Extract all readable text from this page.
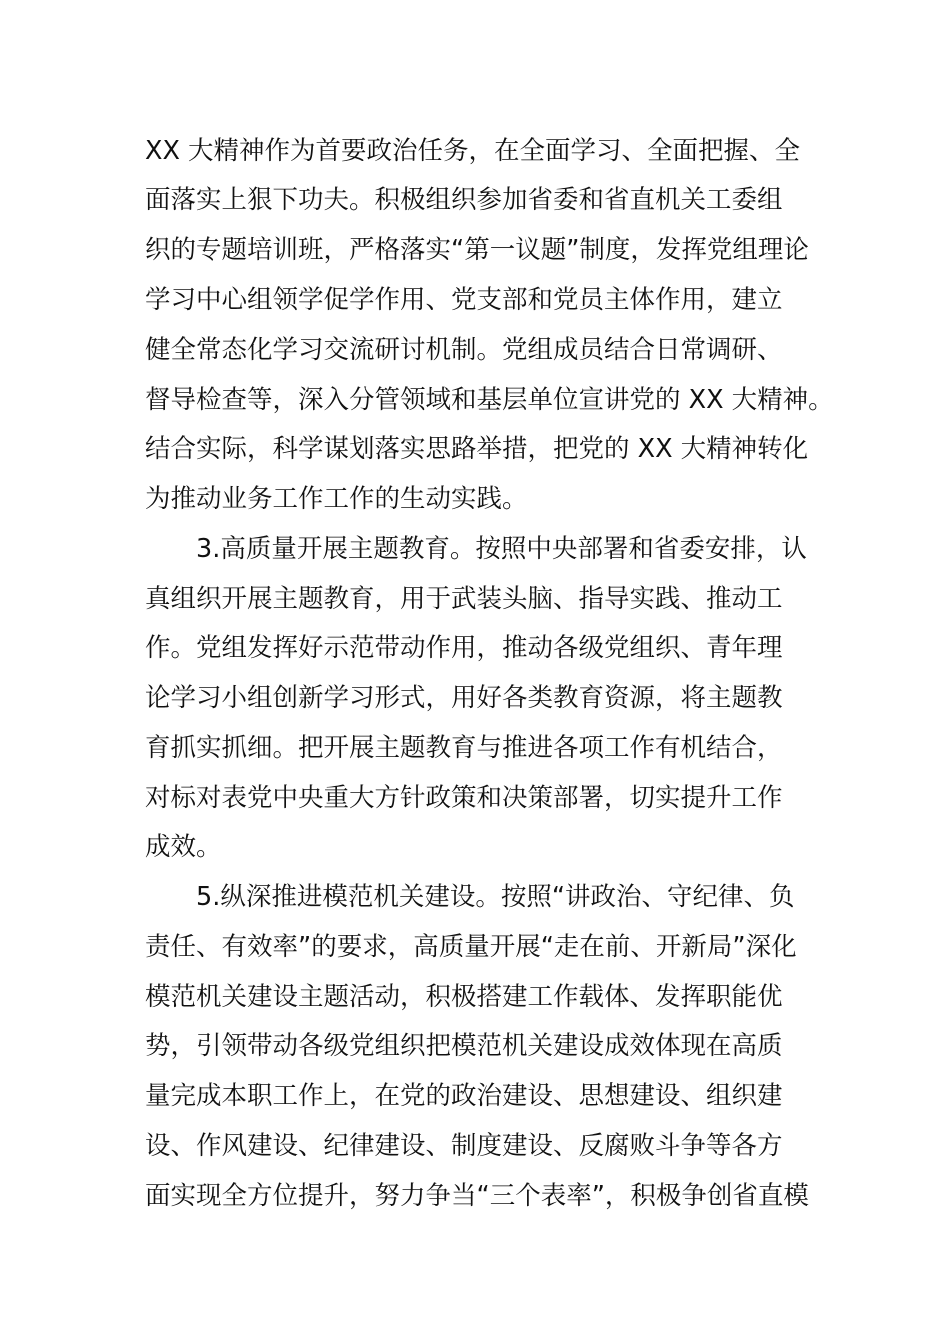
XX 大精神作为首要政治任务，在全面学习、全面把握、全
面落实上狠下功夫。积极组织参加省委和省直机关工委组
织的专题培训班，严格落实“第一议题”制度，发挥党组理论
学习中心组领学促学作用、党支部和党员主体作用，建立
健全常态化学习交流研讨机制。党组成员结合日常调研、
督导检查等，深入分管领域和基层单位宣讲党的 XX 大精神。
结合实际，科学谋划落实思路举措，把党的 XX 大精神转化
为推动业务工作工作的生动实践。
3.高质量开展主题教育。按照中央部署和省委安排，认
真组织开展主题教育，用于武装头脑、指导实践、推动工
作。党组发挥好示范带动作用，推动各级党组织、青年理
论学习小组创新学习形式，用好各类教育资源，将主题教
育抓实抓细。把开展主题教育与推进各项工作有机结合，
对标对表党中央重大方针政策和决策部署，切实提升工作
成效。
5.纵深推进模范机关建设。按照“讲政治、守纪律、负
责任、有效率”的要求，高质量开展“走在前、开新局”深化
模范机关建设主题活动，积极搭建工作载体、发挥职能优
势，引领带动各级党组织把模范机关建设成效体现在高质
量完成本职工作上，在党的政治建设、思想建设、组织建
设、作风建设、纪律建设、制度建设、反腐败斗争等各方
面实现全方位提升，努力争当“三个表率”，积极争创省直模
